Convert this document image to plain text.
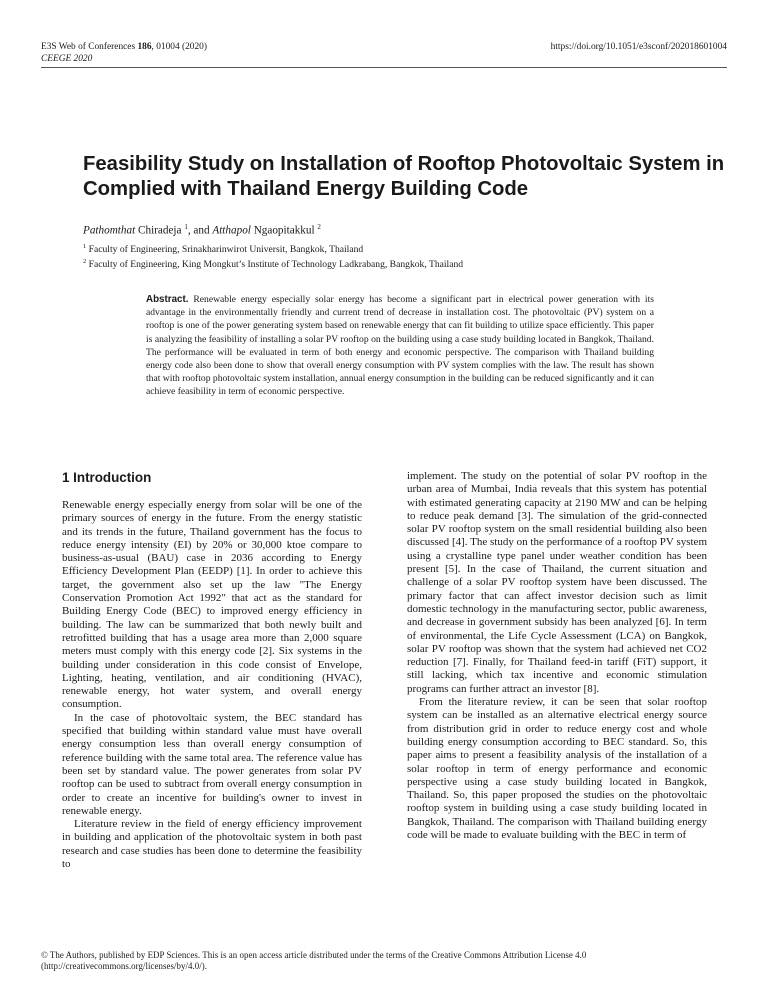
E3S Web of Conferences 186, 01004 (2020)
CEEGE 2020
https://doi.org/10.1051/e3sconf/202018601004
Feasibility Study on Installation of Rooftop Photovoltaic System in Complied with Thailand Energy Building Code
Pathomthat Chiradeja $^1$, and Atthapol Ngaopitakkul $^2$
$^1$ Faculty of Engineering, Srinakharinwirot Universit, Bangkok, Thailand
$^2$ Faculty of Engineering, King Mongkut’s Institute of Technology Ladkrabang, Bangkok, Thailand
Abstract. Renewable energy especially solar energy has become a significant part in electrical power generation with its advantage in the environmentally friendly and current trend of decrease in installation cost. The photovoltaic (PV) system on a rooftop is one of the power generating system based on renewable energy that can fit building to utilize space efficiently. This paper is analyzing the feasibility of installing a solar PV rooftop on the building using a case study building located in Bangkok, Thailand. The performance will be evaluated in term of both energy and economic perspective. The comparison with Thailand building energy code also been done to show that overall energy consumption with PV system complies with the law. The result has shown that with rooftop photovoltaic system installation, annual energy consumption in the building can be reduced significantly and it can achieve feasibility in term of economic perspective.
1 Introduction

Renewable energy especially energy from solar will be one of the primary sources of energy in the future. From the energy statistic and its trends in the future, Thailand government has the focus to reduce energy intensity (EI) by 20% or 30,000 ktoe compare to business-as-usual (BAU) case in 2036 according to Energy Efficiency Development Plan (EEDP) [1]. In order to achieve this target, the government also set up the law "The Energy Conservation Promotion Act 1992" that act as the standard for Building Energy Code (BEC) to improved energy efficiency in building. The law can be summarized that both newly built and retrofitted building that has a usage area more than 2,000 square meters must comply with this energy code [2]. Six systems in the building under consideration in this code consist of Envelope, Lighting, heating, ventilation, and air conditioning (HVAC), renewable energy, hot water system, and overall energy consumption.

In the case of photovoltaic system, the BEC standard has specified that building within standard value must have overall energy consumption less than overall energy consumption of reference building with the same total area. The reference value has been set by standard value. The power generates from solar PV rooftop can be used to subtract from overall energy consumption in order to create an incentive for building's owner to invest in renewable energy.

Literature review in the field of energy efficiency improvement in building and application of the photovoltaic system in both past research and case studies has been done to determine the feasibility to

implement. The study on the potential of solar PV rooftop in the urban area of Mumbai, India reveals that this system has potential with estimated generating capacity at 2190 MW and can be helping to reduce peak demand [3]. The simulation of the grid-connected solar PV rooftop system on the small residential building also been discussed [4]. The study on the performance of a rooftop PV system using a crystalline type panel under weather condition has been present [5]. In the case of Thailand, the current situation and challenge of a solar PV rooftop system have been discussed. The primary factor that can affect investor decision such as limit domestic technology in the manufacturing sector, public awareness, and decrease in government subsidy has been analyzed [6]. In term of environmental, the Life Cycle Assessment (LCA) on Bangkok, solar PV rooftop was shown that the system had achieved net CO2 reduction [7]. Finally, for Thailand feed-in tariff (FiT) support, it still lacking, which tax incentive and economic stimulation programs can further attract an investor [8].

From the literature review, it can be seen that solar rooftop system can be installed as an alternative electrical energy source from distribution grid in order to reduce energy cost and whole building energy consumption according to BEC standard. So, this paper aims to present a feasibility analysis of the installation of a solar rooftop in term of energy performance and economic perspective using a case study building located in Bangkok, Thailand. So, this paper proposed the studies on the photovoltaic rooftop system in building using a case study building located in Bangkok, Thailand. The comparison with Thailand building energy code will be made to evaluate building with the BEC in term of

© The Authors, published by EDP Sciences. This is an open access article distributed under the terms of the Creative Commons Attribution License 4.0
(http://creativecommons.org/licenses/by/4.0/).
